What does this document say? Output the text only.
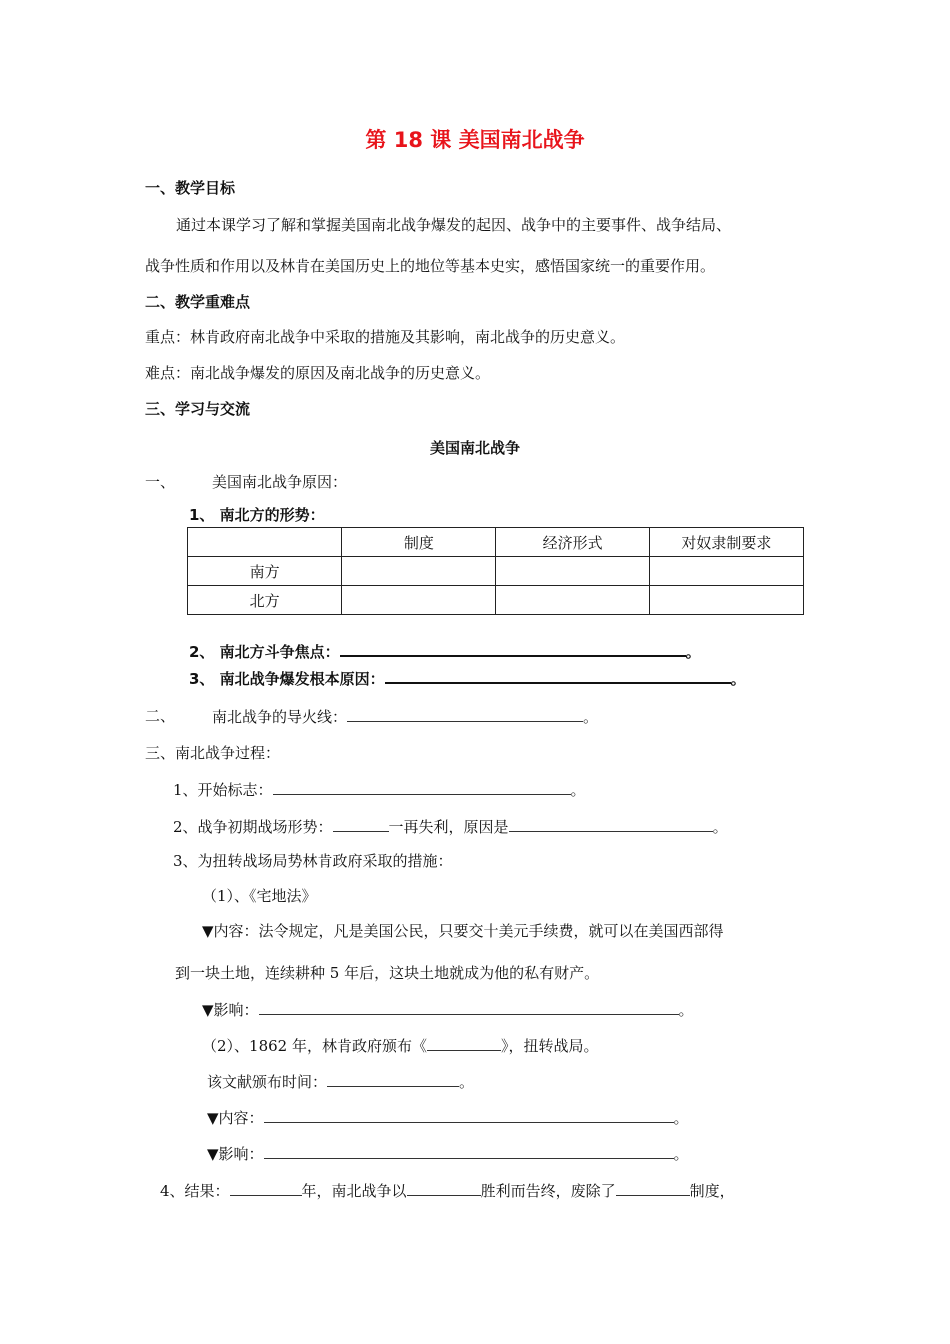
第 18 课 美国南北战争
一、教学目标
通过本课学习了解和掌握美国南北战争爆发的起因、战争中的主要事件、战争结局、
战争性质和作用以及林肯在美国历史上的地位等基本史实，感悟国家统一的重要作用。
二、教学重难点
重点：林肯政府南北战争中采取的措施及其影响，南北战争的历史意义。
难点：南北战争爆发的原因及南北战争的历史意义。
三、学习与交流
美国南北战争
一、 美国南北战争原因：
1、 南北方的形势：
	制度	经济形式	对奴隶制要求
南方			
北方			
2、 南北方斗争焦点：	。
3、 南北战争爆发根本原因：	。
二、 南北战争的导火线：	。
三、南北战争过程：
1、开始标志：	。
2、战争初期战场形势：	一再失利，原因是	。
3、为扭转战场局势林肯政府采取的措施：
（1）、《宅地法》
▼内容：法令规定，凡是美国公民，只要交十美元手续费，就可以在美国西部得
到一块土地，连续耕种 5 年后，这块土地就成为他的私有财产。
▼影响：	。
（2）、1862 年，林肯政府颁布《	》，扭转战局。
该文献颁布时间：	。
▼内容：	。
▼影响：	。
4、结果：	年，南北战争以	胜利而告终，废除了	制度，
